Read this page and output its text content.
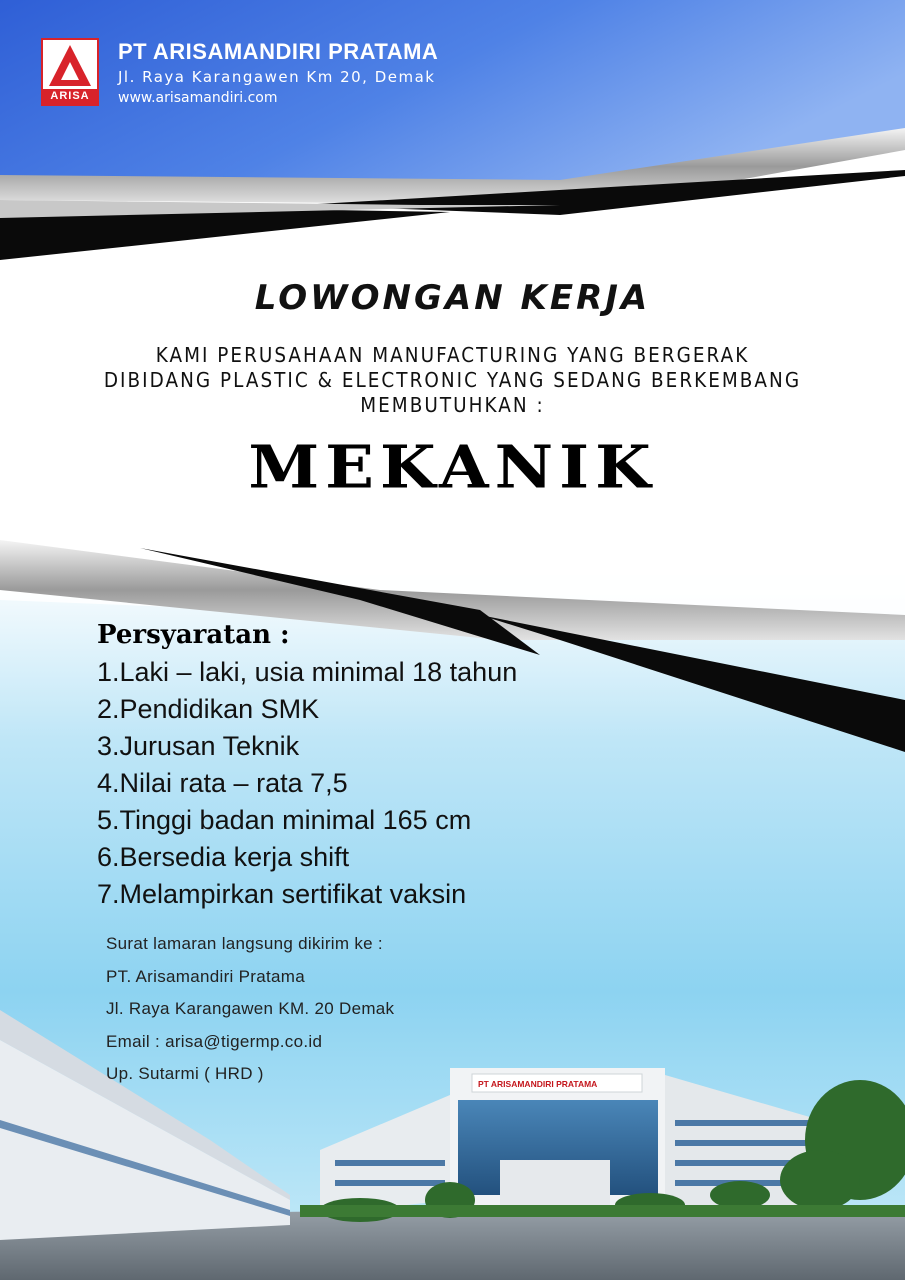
ARISA
PT ARISAMANDIRI PRATAMA
Jl. Raya Karangawen Km 20, Demak
www.arisamandiri.com
LOWONGAN KERJA
KAMI PERUSAHAAN MANUFACTURING YANG BERGERAK
DIBIDANG PLASTIC & ELECTRONIC YANG SEDANG BERKEMBANG
MEMBUTUHKAN :
MEKANIK
Persyaratan :
1.Laki – laki, usia minimal 18 tahun
2.Pendidikan SMK
3.Jurusan Teknik
4.Nilai rata – rata 7,5
5.Tinggi badan minimal 165 cm
6.Bersedia kerja shift
7.Melampirkan sertifikat vaksin
Surat lamaran langsung dikirim ke :
PT. Arisamandiri Pratama
Jl. Raya Karangawen KM. 20 Demak
Email : arisa@tigermp.co.id
Up. Sutarmi ( HRD )
PT ARISAMANDIRI PRATAMA
